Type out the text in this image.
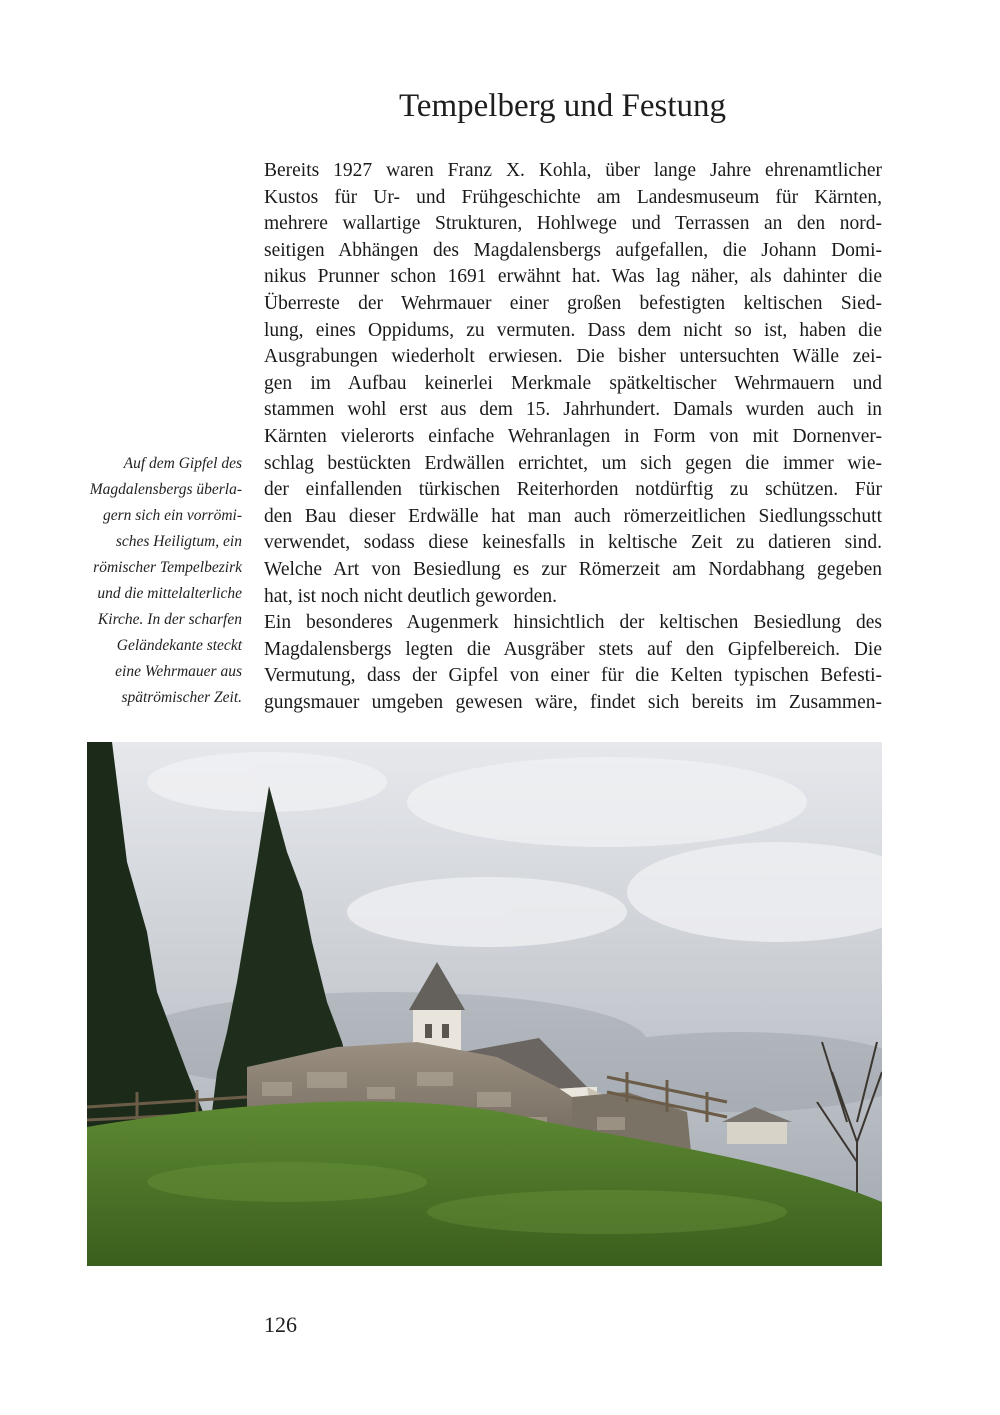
Tempelberg und Festung
Auf dem Gipfel des
Magdalensbergs überla-
gern sich ein vorrömi-
sches Heiligtum, ein
römischer Tempelbezirk
und die mittelalterliche
Kirche. In der scharfen
Geländekante steckt
eine Wehrmauer aus
spätrömischer Zeit.
Bereits 1927 waren Franz X. Kohla, über lange Jahre ehrenamtlicher
Kustos für Ur- und Frühgeschichte am Landesmuseum für Kärnten,
mehrere wallartige Strukturen, Hohlwege und Terrassen an den nord-
seitigen Abhängen des Magdalensbergs aufgefallen, die Johann Domi-
nikus Prunner schon 1691 erwähnt hat. Was lag näher, als dahinter die
Überreste der Wehrmauer einer großen befestigten keltischen Sied-
lung, eines Oppidums, zu vermuten. Dass dem nicht so ist, haben die
Ausgrabungen wiederholt erwiesen. Die bisher untersuchten Wälle zei-
gen im Aufbau keinerlei Merkmale spätkeltischer Wehrmauern und
stammen wohl erst aus dem 15. Jahrhundert. Damals wurden auch in
Kärnten vielerorts einfache Wehranlagen in Form von mit Dornenver-
schlag bestückten Erdwällen errichtet, um sich gegen die immer wie-
der einfallenden türkischen Reiterhorden notdürftig zu schützen. Für
den Bau dieser Erdwälle hat man auch römerzeitlichen Siedlungsschutt
verwendet, sodass diese keinesfalls in keltische Zeit zu datieren sind.
Welche Art von Besiedlung es zur Römerzeit am Nordabhang gegeben
hat, ist noch nicht deutlich geworden.
Ein besonderes Augenmerk hinsichtlich der keltischen Besiedlung des
Magdalensbergs legten die Ausgräber stets auf den Gipfelbereich. Die
Vermutung, dass der Gipfel von einer für die Kelten typischen Befesti-
gungsmauer umgeben gewesen wäre, findet sich bereits im Zusammen-
126
